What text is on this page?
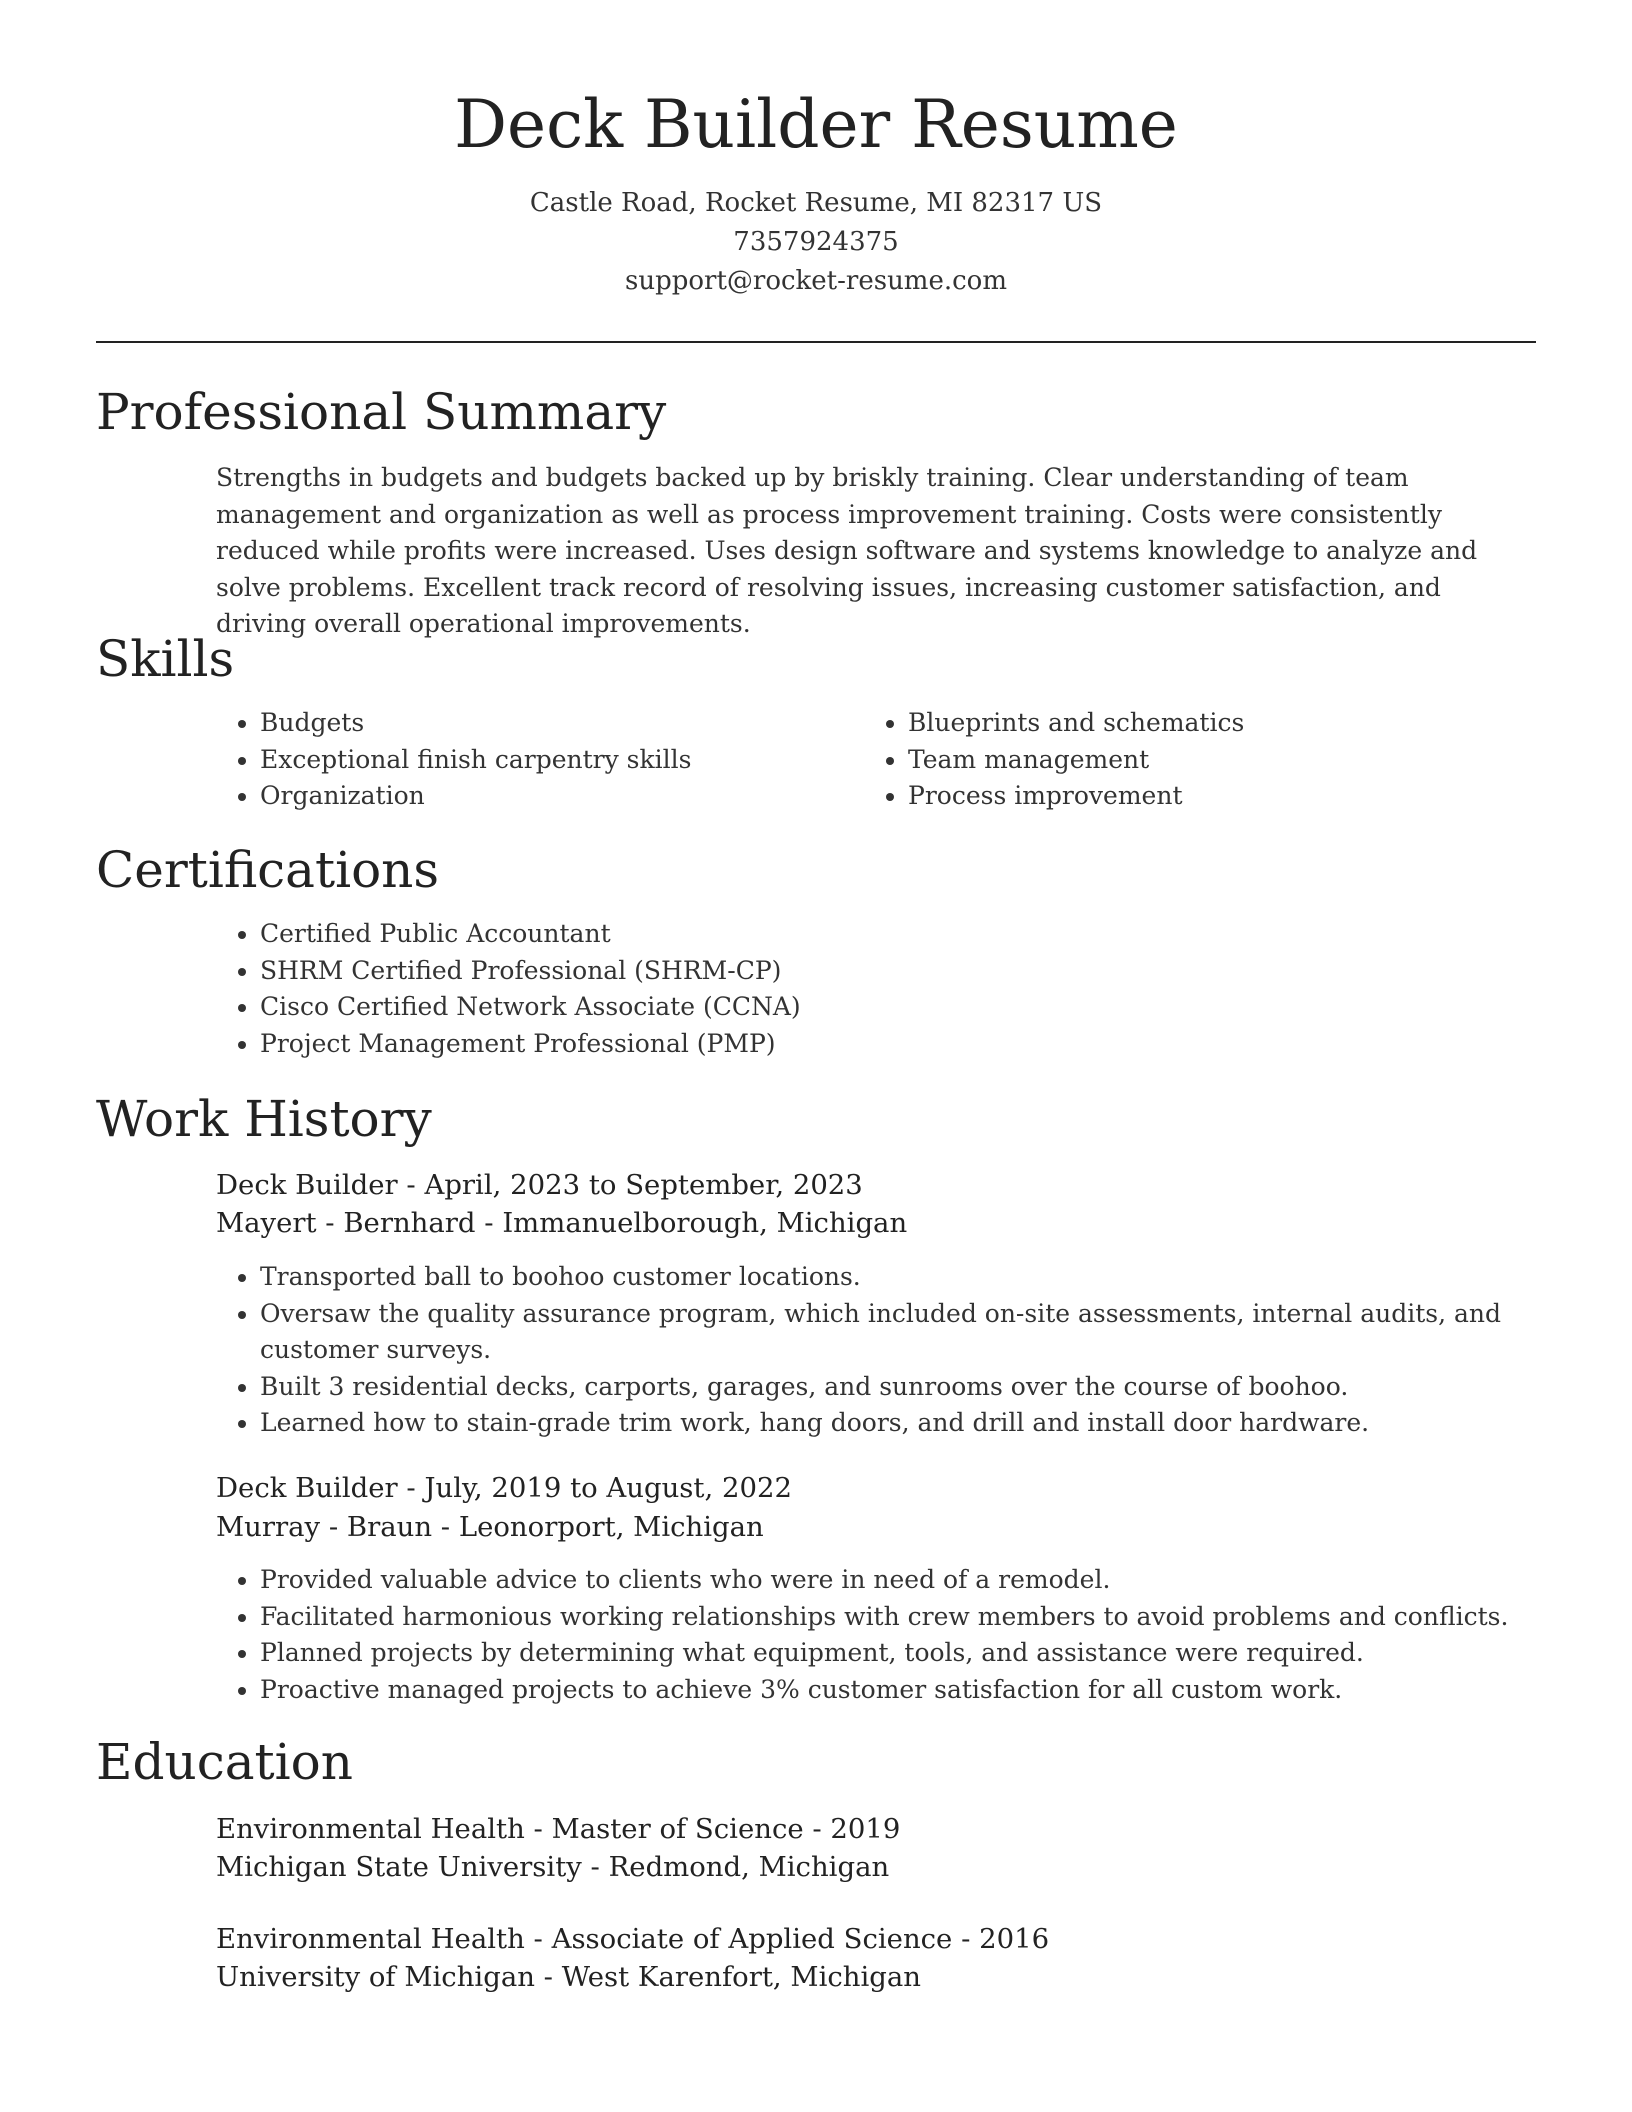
Deck Builder Resume
Castle Road, Rocket Resume, MI 82317 US
7357924375
support@rocket-resume.com
Professional Summary

Strengths in budgets and budgets backed up by briskly training. Clear understanding of team management and organization as well as process improvement training. Costs were consistently reduced while profits were increased. Uses design software and systems knowledge to analyze and solve problems. Excellent track record of resolving issues, increasing customer satisfaction, and driving overall operational improvements.

Skills
• Budgets
• Exceptional finish carpentry skills
• Organization
• Blueprints and schematics
• Team management
• Process improvement
Certifications
• Certified Public Accountant
• SHRM Certified Professional (SHRM-CP)
• Cisco Certified Network Associate (CCNA)
• Project Management Professional (PMP)
Work History
Deck Builder - April, 2023 to September, 2023
Mayert - Bernhard - Immanuelborough, Michigan
• Transported ball to boohoo customer locations.
• Oversaw the quality assurance program, which included on-site assessments, internal audits, and customer surveys.
• Built 3 residential decks, carports, garages, and sunrooms over the course of boohoo.
• Learned how to stain-grade trim work, hang doors, and drill and install door hardware.
Deck Builder - July, 2019 to August, 2022
Murray - Braun - Leonorport, Michigan
• Provided valuable advice to clients who were in need of a remodel.
• Facilitated harmonious working relationships with crew members to avoid problems and conflicts.
• Planned projects by determining what equipment, tools, and assistance were required.
• Proactive managed projects to achieve 3% customer satisfaction for all custom work.
Education
Environmental Health - Master of Science - 2019
Michigan State University - Redmond, Michigan
Environmental Health - Associate of Applied Science - 2016
University of Michigan - West Karenfort, Michigan
